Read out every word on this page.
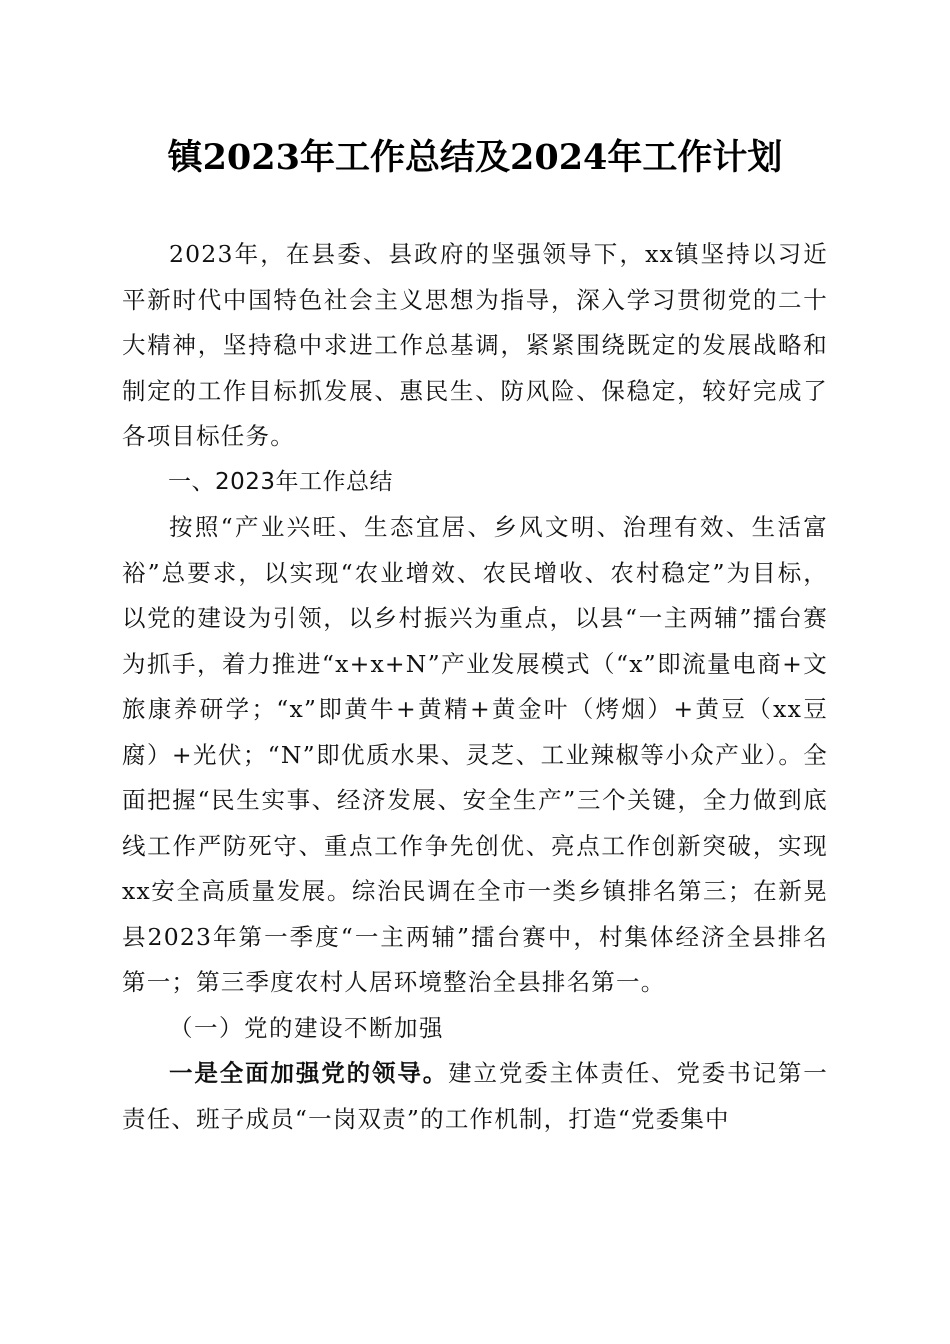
镇2023年工作总结及2024年工作计划

2023年，在县委、县政府的坚强领导下，xx镇坚持以习近平新时代中国特色社会主义思想为指导，深入学习贯彻党的二十大精神，坚持稳中求进工作总基调，紧紧围绕既定的发展战略和制定的工作目标抓发展、惠民生、防风险、保稳定，较好完成了各项目标任务。

一、2023年工作总结

按照“产业兴旺、生态宜居、乡风文明、治理有效、生活富裕”总要求，以实现“农业增效、农民增收、农村稳定”为目标，以党的建设为引领，以乡村振兴为重点，以县“一主两辅”擂台赛为抓手，着力推进“x+x+N”产业发展模式（“x”即流量电商+文旅康养研学；“x”即黄牛+黄精+黄金叶（烤烟）+黄豆（xx豆腐）+光伏；“N”即优质水果、灵芝、工业辣椒等小众产业）。全面把握“民生实事、经济发展、安全生产”三个关键，全力做到底线工作严防死守、重点工作争先创优、亮点工作创新突破，实现xx安全高质量发展。综治民调在全市一类乡镇排名第三；在新晃县2023年第一季度“一主两辅”擂台赛中，村集体经济全县排名第一；第三季度农村人居环境整治全县排名第一。

（一）党的建设不断加强

一是全面加强党的领导。建立党委主体责任、党委书记第一责任、班子成员“一岗双责”的工作机制，打造“党委集中
